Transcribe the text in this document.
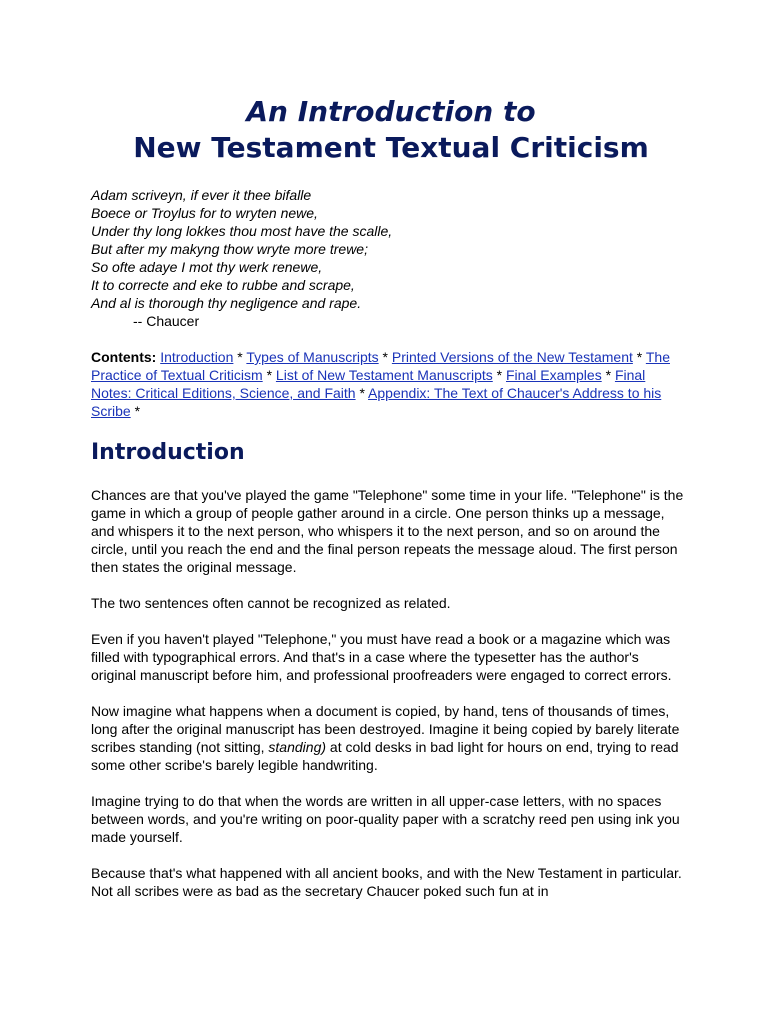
An Introduction to
New Testament Textual Criticism
Adam scriveyn, if ever it thee bifalle
Boece or Troylus for to wryten newe,
Under thy long lokkes thou most have the scalle,
But after my makyng thow wryte more trewe;
So ofte adaye I mot thy werk renewe,
It to correcte and eke to rubbe and scrape,
And al is thorough thy negligence and rape.
-- Chaucer
Contents: Introduction * Types of Manuscripts * Printed Versions of the New Testament * The Practice of Textual Criticism * List of New Testament Manuscripts * Final Examples * Final Notes: Critical Editions, Science, and Faith * Appendix: The Text of Chaucer's Address to his Scribe *
Introduction

Chances are that you've played the game "Telephone" some time in your life. "Telephone" is the game in which a group of people gather around in a circle. One person thinks up a message, and whispers it to the next person, who whispers it to the next person, and so on around the circle, until you reach the end and the final person repeats the message aloud. The first person then states the original message.

The two sentences often cannot be recognized as related.

Even if you haven't played "Telephone," you must have read a book or a magazine which was filled with typographical errors. And that's in a case where the typesetter has the author's original manuscript before him, and professional proofreaders were engaged to correct errors.

Now imagine what happens when a document is copied, by hand, tens of thousands of times, long after the original manuscript has been destroyed. Imagine it being copied by barely literate scribes standing (not sitting, standing) at cold desks in bad light for hours on end, trying to read some other scribe's barely legible handwriting.

Imagine trying to do that when the words are written in all upper-case letters, with no spaces between words, and you're writing on poor-quality paper with a scratchy reed pen using ink you made yourself.

Because that's what happened with all ancient books, and with the New Testament in particular. Not all scribes were as bad as the secretary Chaucer poked such fun at in
